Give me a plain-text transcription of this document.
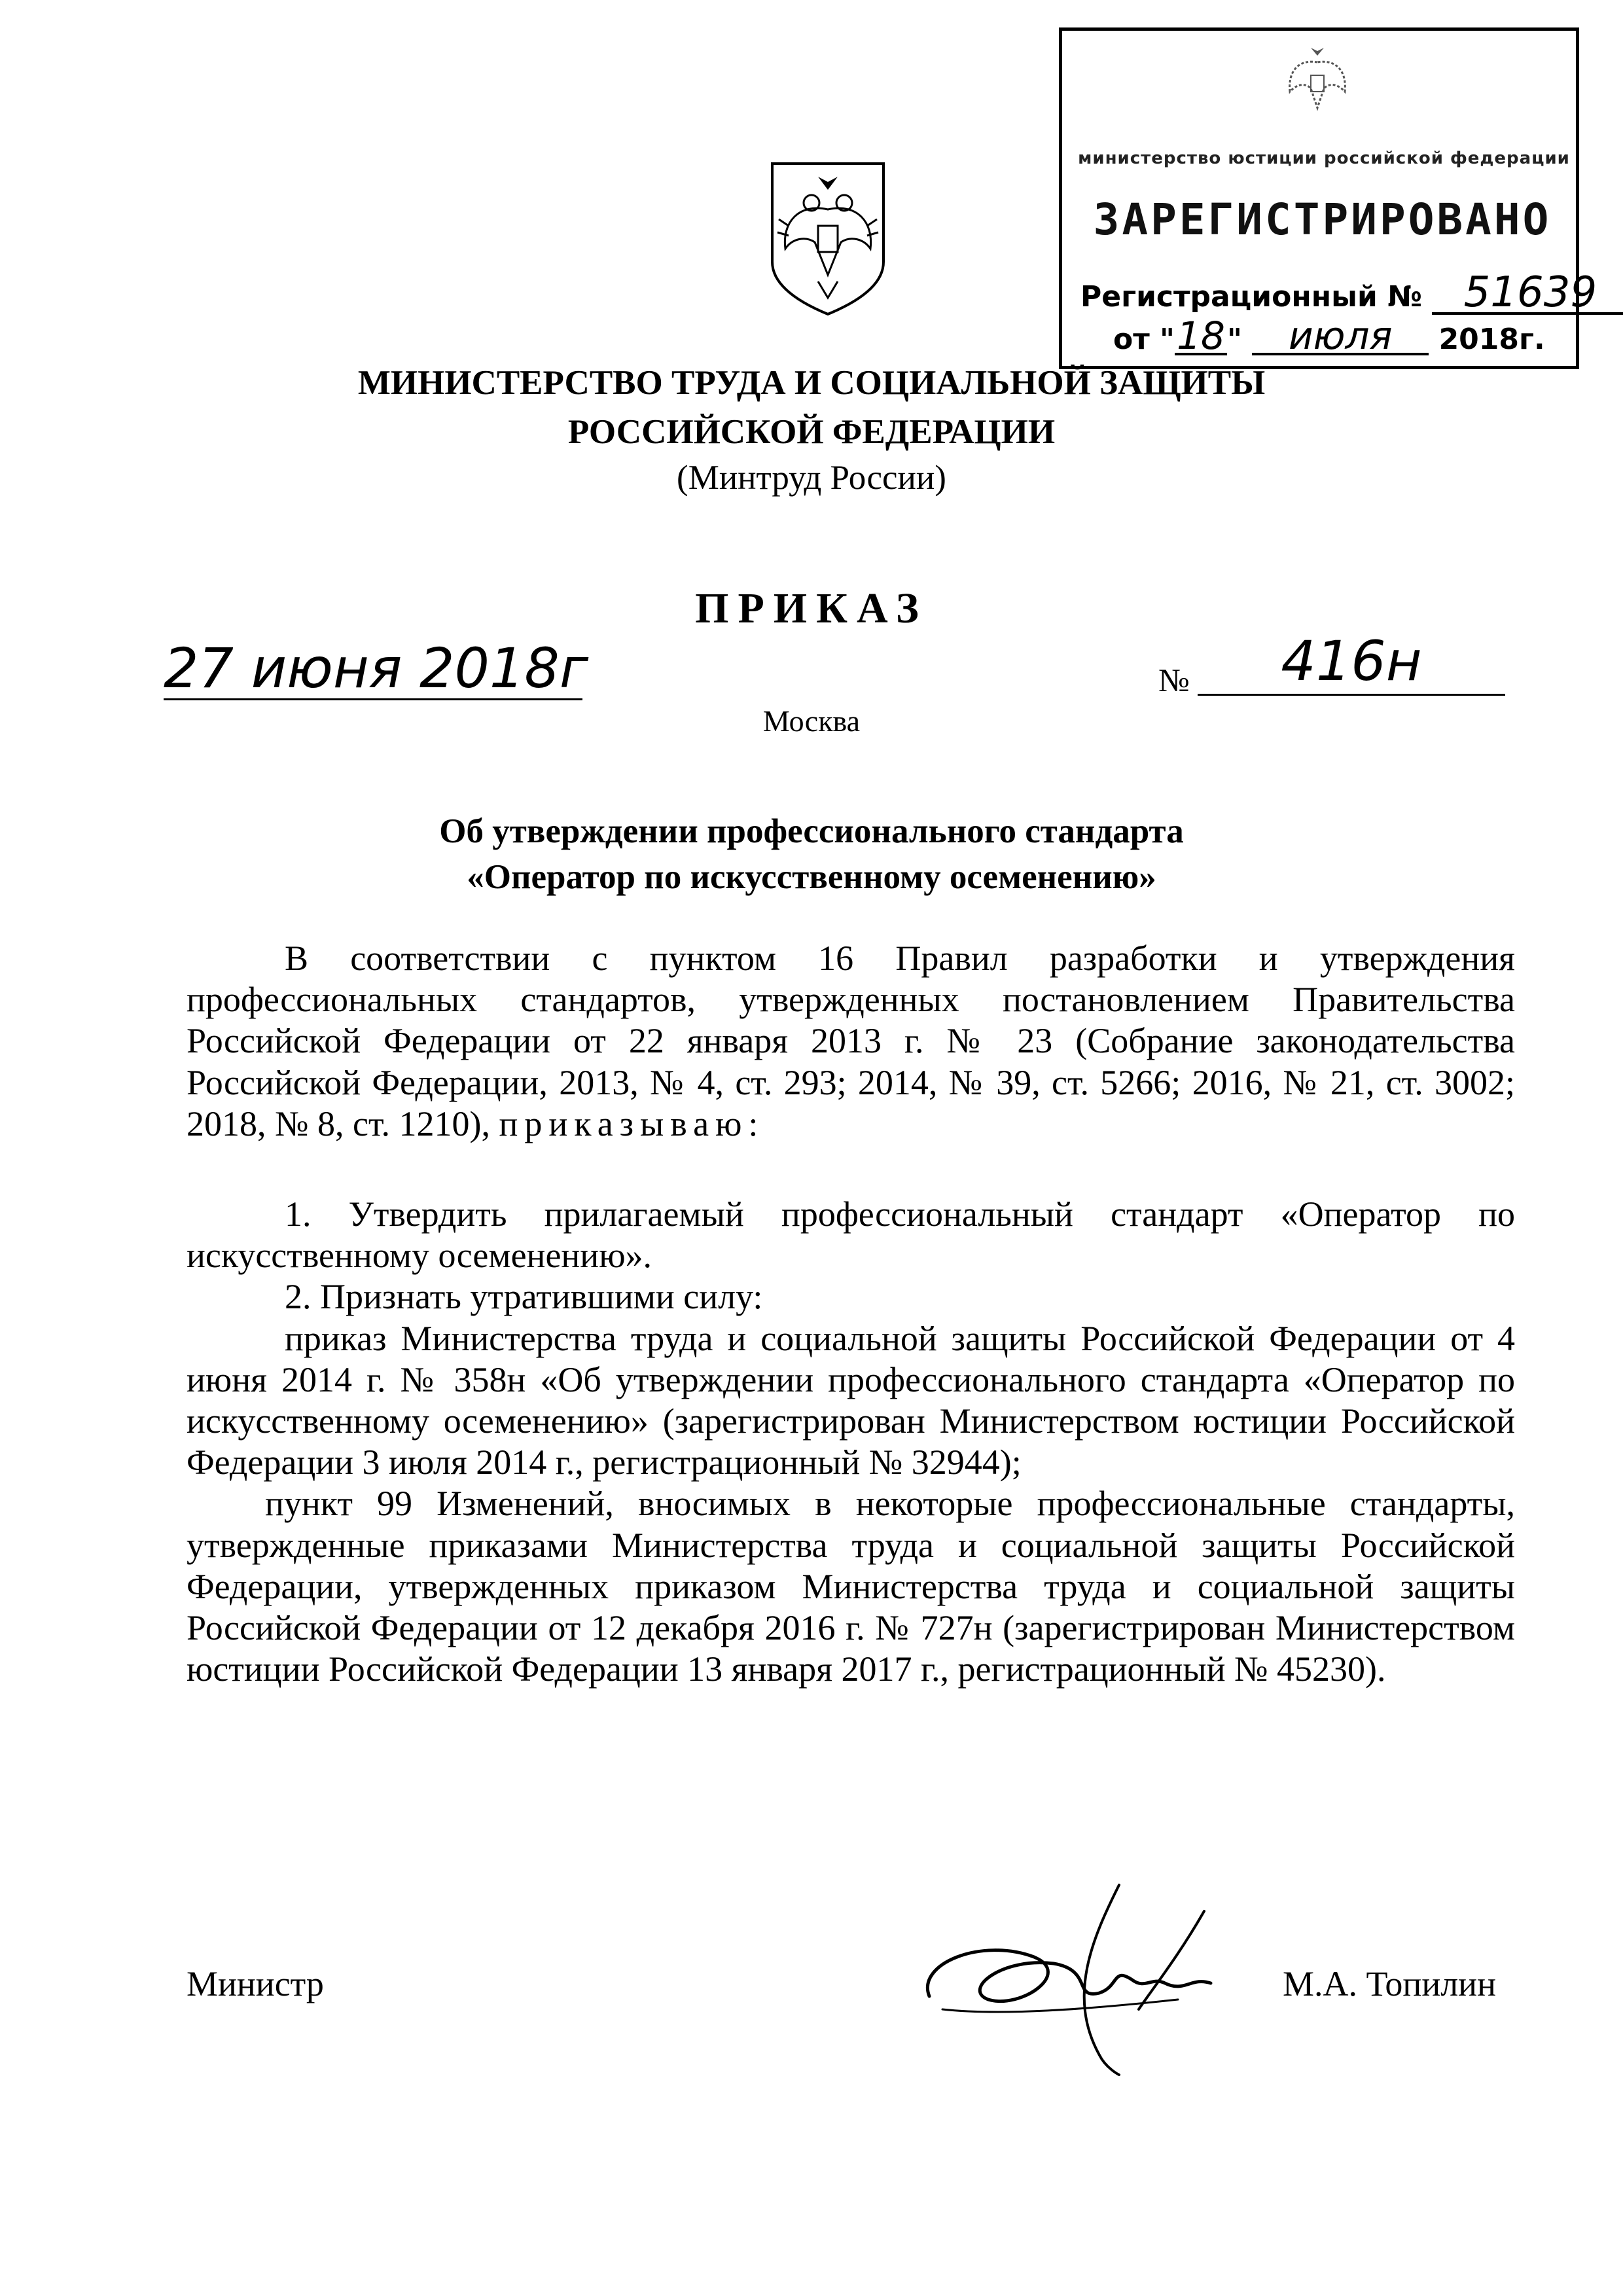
министерство юстиции российской федерации
ЗАРЕГИСТРИРОВАНО
Регистрационный № 51639
от "18" июля 2018г.
МИНИСТЕРСТВО ТРУДА И СОЦИАЛЬНОЙ ЗАЩИТЫ
РОССИЙСКОЙ ФЕДЕРАЦИИ
(Минтруд России)
ПРИКАЗ
27 июня 2018г	№	416н
Москва
Об утверждении профессионального стандарта
«Оператор по искусственному осеменению»

В соответствии с пунктом 16 Правил разработки и утверждения профессиональных стандартов, утвержденных постановлением Правительства Российской Федерации от 22 января 2013 г. № 23 (Собрание законодательства Российской Федерации, 2013, № 4, ст. 293; 2014, № 39, ст. 5266; 2016, № 21, ст. 3002; 2018, № 8, ст. 1210), приказываю:

1. Утвердить прилагаемый профессиональный стандарт «Оператор по искусственному осеменению».

2. Признать утратившими силу:

приказ Министерства труда и социальной защиты Российской Федерации от 4 июня 2014 г. № 358н «Об утверждении профессионального стандарта «Оператор по искусственному осеменению» (зарегистрирован Министерством юстиции Российской Федерации 3 июля 2014 г., регистрационный № 32944);

пункт 99 Изменений, вносимых в некоторые профессиональные стандарты, утвержденные приказами Министерства труда и социальной защиты Российской Федерации, утвержденных приказом Министерства труда и социальной защиты Российской Федерации от 12 декабря 2016 г. № 727н (зарегистрирован Министерством юстиции Российской Федерации 13 января 2017 г., регистрационный № 45230).

Министр	М.А. Топилин
